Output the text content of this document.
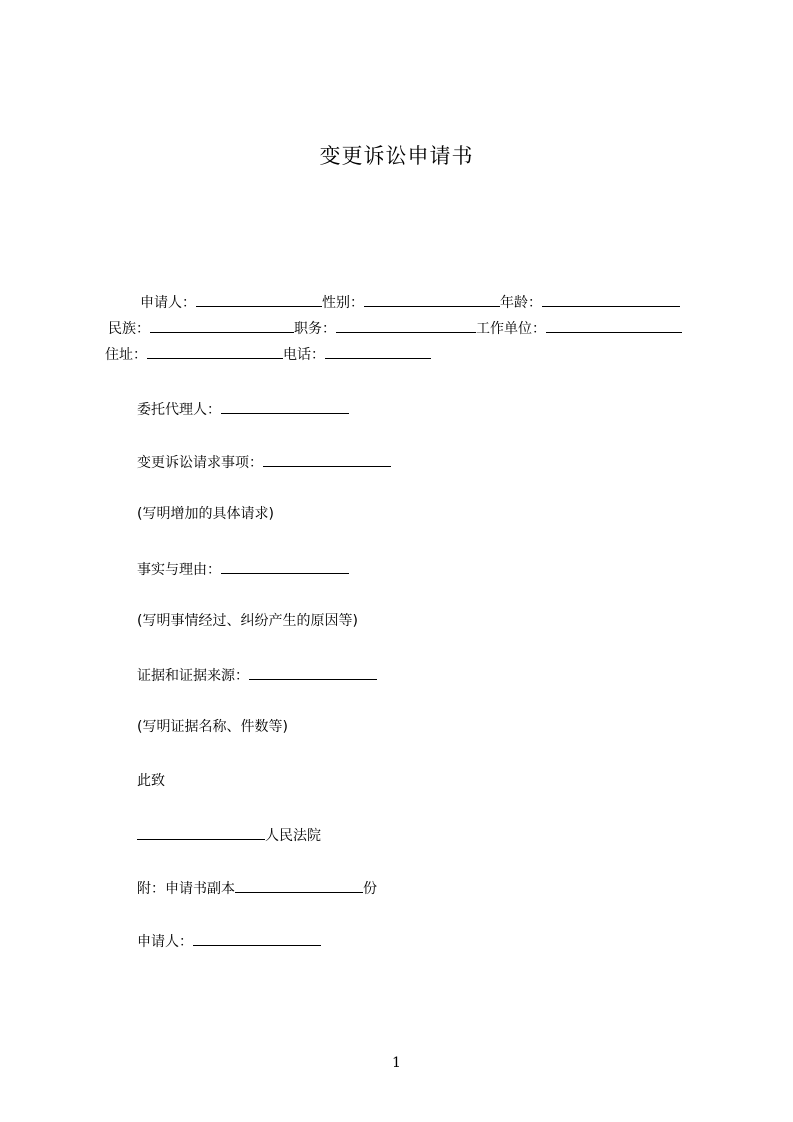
变更诉讼申请书
申请人：	性别：	年龄：
民族：	职务：	工作单位：
住址：	电话：
委托代理人：
变更诉讼请求事项：
(写明增加的具体请求)
事实与理由：
(写明事情经过、纠纷产生的原因等)
证据和证据来源：
(写明证据名称、件数等)
此致
人民法院
附：申请书副本	份
申请人：
1
